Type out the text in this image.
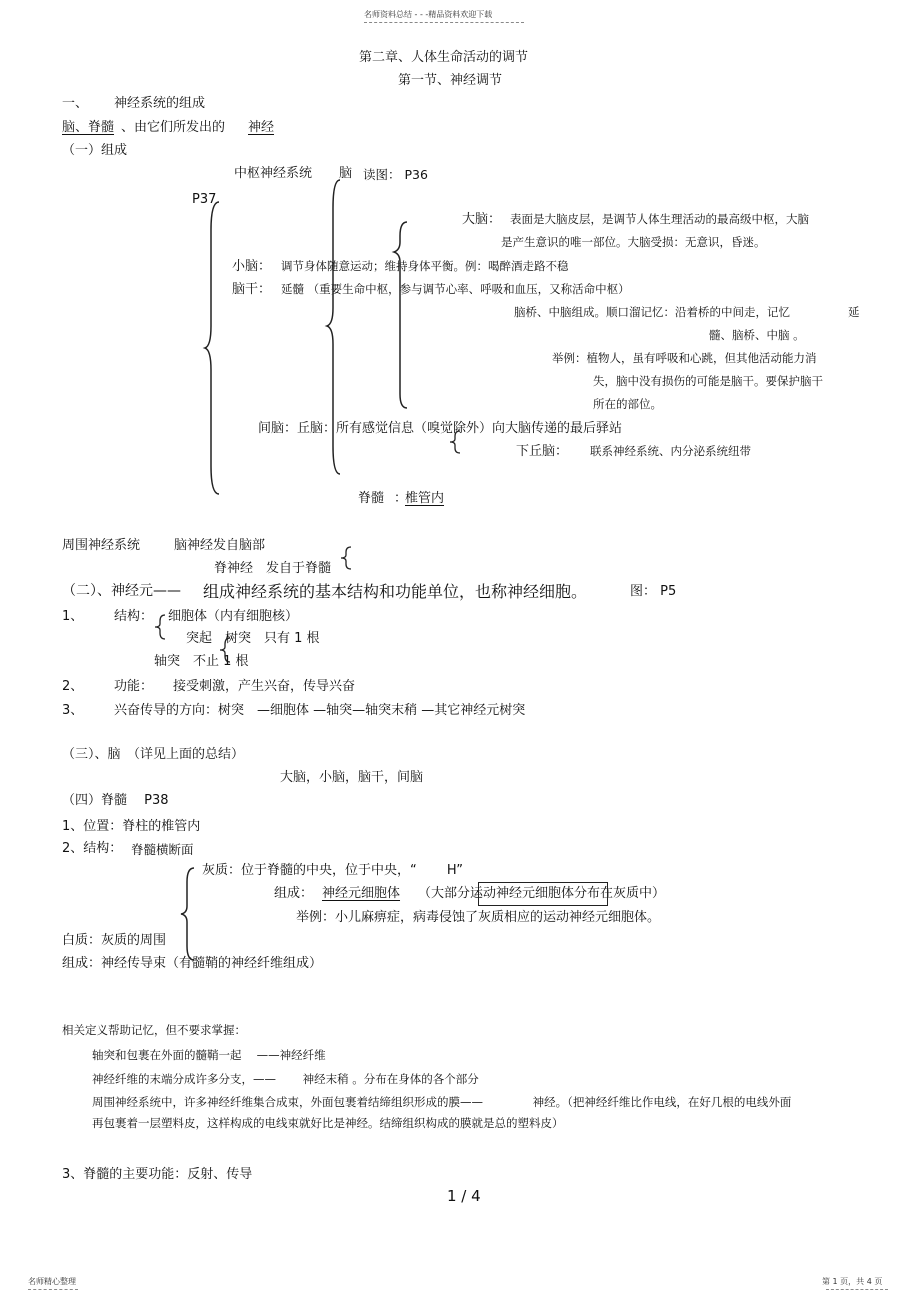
名师资料总结 - - -精品资料欢迎下载
第二章、人体生命活动的调节
第一节、神经调节
一、 神经系统的组成
脑、脊髓 、由它们所发出的 神经
（一）组成
中枢神经系统 脑 读图： P36
P37
大脑： 表面是大脑皮层，是调节人体生理活动的最高级中枢，大脑
是产生意识的唯一部位。大脑受损：无意识，昏迷。
小脑： 调节身体随意运动；维持身体平衡。例：喝醉酒走路不稳
脑干： 延髓 （重要生命中枢，参与调节心率、呼吸和血压，又称活命中枢）
脑桥、中脑组成。顺口溜记忆：沿着桥的中间走，记忆	延
髓、脑桥、中脑 。
举例：植物人，虽有呼吸和心跳，但其他活动能力消
失，脑中没有损伤的可能是脑干。要保护脑干
所在的部位。
间脑：丘脑：所有感觉信息（嗅觉除外）向大脑传递的最后驿站
下丘脑： 联系神经系统、内分泌系统纽带
脊髓 ：
椎管内
周围神经系统	脑神经发自脑部
脊神经　发自于脊髓
（二）、神经元—— 组成神经系统的基本结构和功能单位，也称神经细胞。	图： P5
1、 结构： 细胞体（内有细胞核）
突起　树突　只有 1 根
轴突　不止 1 根
2、 功能： 接受刺激，产生兴奋，传导兴奋
3、 兴奋传导的方向：树突　—细胞体 —轴突—轴突末稍 —其它神经元树突
（三）、脑　（详见上面的总结）
大脑，小脑，脑干，间脑
（四）脊髓　 P38
1、位置：脊柱的椎管内
2、结构： 脊髓横断面
灰质：位于脊髓的中央，位于中央，“　　 H”
组成： 神经元细胞体 （大部分运动神经元细胞体分布在灰质中）
举例：小儿麻痹症，病毒侵蚀了灰质相应的运动神经元细胞体。
白质：灰质的周围
组成：神经传导束（有髓鞘的神经纤维组成）
相关定义帮助记忆，但不要求掌握：
轴突和包裹在外面的髓鞘一起　 ——神经纤维
神经纤维的末端分成许多分支，——　　 神经末稍 。分布在身体的各个部分
周围神经系统中，许多神经纤维集合成束，外面包裹着结缔组织形成的膜——　　　　 神经。（把神经纤维比作电线，在好几根的电线外面
再包裹着一层塑料皮，这样构成的电线束就好比是神经。结缔组织构成的膜就是总的塑料皮）
3、脊髓的主要功能：反射、传导
1 / 4
名师精心整理	第 1 页，共 4 页
